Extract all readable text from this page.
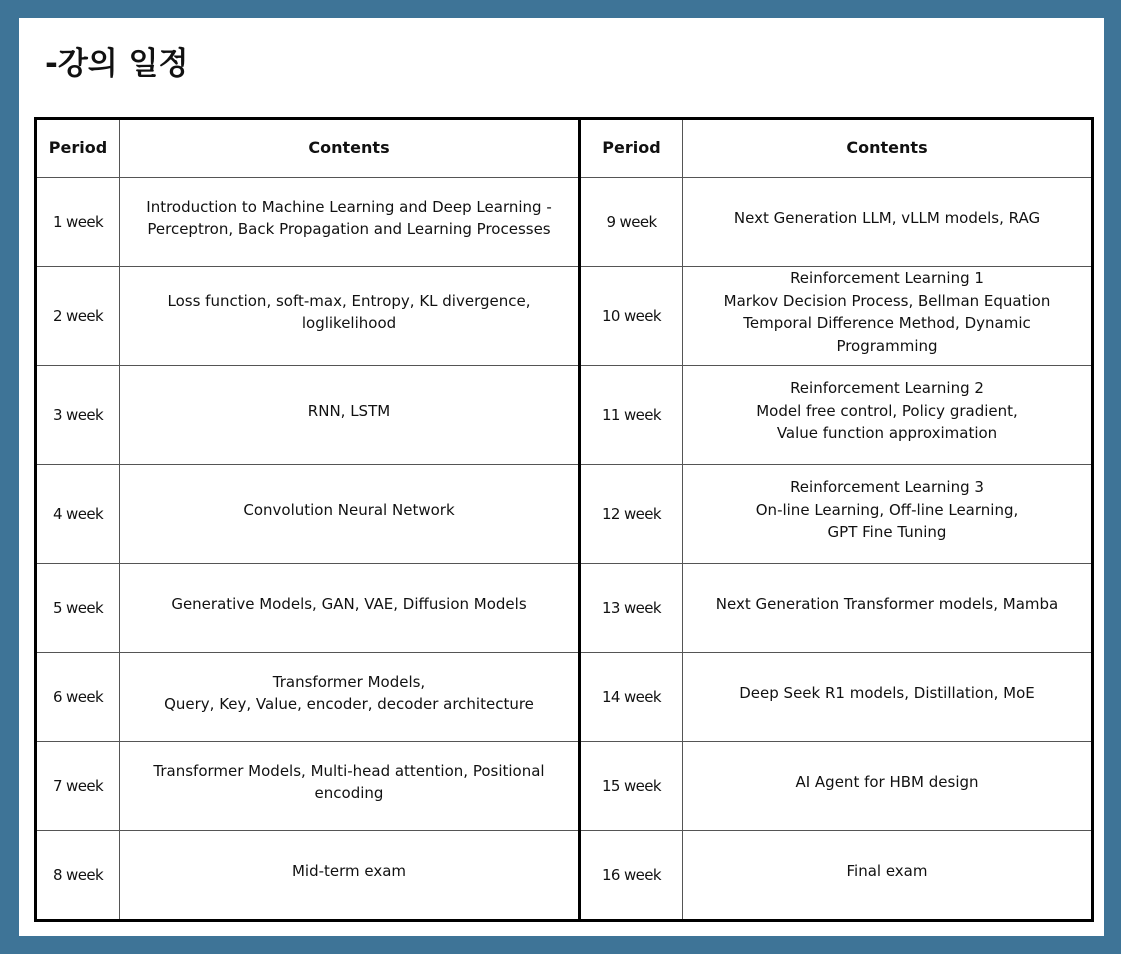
-강의 일정
Period	Contents	Period	Contents
1 week	Introduction to Machine Learning and Deep Learning -
Perceptron, Back Propagation and Learning Processes	9 week	Next Generation LLM, vLLM models, RAG

2 week	Loss function, soft-max, Entropy, KL divergence,
loglikelihood	10 week	Reinforcement Learning 1
Markov Decision Process, Bellman Equation
Temporal Difference Method, Dynamic
Programming

3 week	RNN, LSTM	11 week	Reinforcement Learning 2
Model free control, Policy gradient,
Value function approximation

4 week	Convolution Neural Network	12 week	Reinforcement Learning 3
On-line Learning, Off-line Learning,
GPT Fine Tuning

5 week	Generative Models, GAN, VAE, Diffusion Models	13 week	Next Generation Transformer models, Mamba

6 week	Transformer Models,
Query, Key, Value, encoder, decoder architecture	14 week	Deep Seek R1 models, Distillation, MoE

7 week	Transformer Models, Multi-head attention, Positional
encoding	15 week	AI Agent for HBM design

8 week	Mid-term exam	16 week	Final exam
